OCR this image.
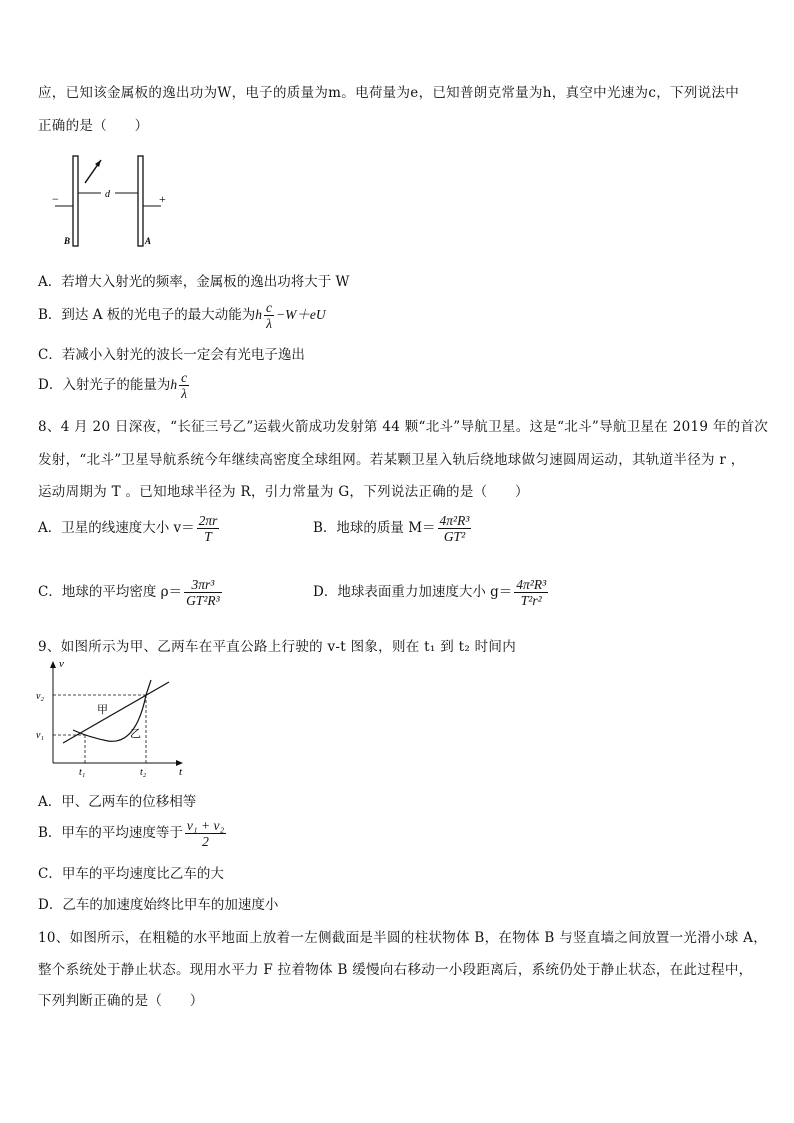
应，已知该金属板的逸出功为W，电子的质量为m。电荷量为e，已知普朗克常量为h，真空中光速为c，下列说法中
正确的是（　　）
−	+
d
B	A
A．若增大入射光的频率，金属板的逸出功将大于 W
B．到达 A 板的光电子的最大动能为h $\frac{c}{\lambda} -W+eU$
C．若减小入射光的波长一定会有光电子逸出
D．入射光子的能量为h $\frac{c}{\lambda}$
8、4 月 20 日深夜，“长征三号乙”运载火箭成功发射第 44 颗“北斗”导航卫星。这是“北斗”导航卫星在 2019 年的首次
发射，“北斗”卫星导航系统今年继续高密度全球组网。若某颗卫星入轨后绕地球做匀速圆周运动，其轨道半径为 r ，
运动周期为 T 。已知地球半径为 R，引力常量为 G，下列说法正确的是（　　）
A．卫星的线速度大小 $v= \frac{2\pi r}{T}$	B．地球的质量 $M= \frac{\text{4π²R³}}{\text{GT²}}$
C．地球的平均密度 $\rho= \frac{\text{3πr³}}{\text{GT²R³}}$	D．地球表面重力加速度大小 $g= \frac{\text{4π²R³}}{\text{T²r²}}$
9、如图所示为甲、乙两车在平直公路上行驶的 v-t 图象，则在 t₁ 到 t₂ 时间内
v
t
v₂
v₁
t₁	t₂
甲
乙
A．甲、乙两车的位移相等
B．甲车的平均速度等于 $\frac{\text{v₁ + v₂}}{2}$
C．甲车的平均速度比乙车的大
D．乙车的加速度始终比甲车的加速度小
10、如图所示，在粗糙的水平地面上放着一左侧截面是半圆的柱状物体 B，在物体 B 与竖直墙之间放置一光滑小球 A，
整个系统处于静止状态。现用水平力 F 拉着物体 B 缓慢向右移动一小段距离后，系统仍处于静止状态，在此过程中，
下列判断正确的是（　　）
